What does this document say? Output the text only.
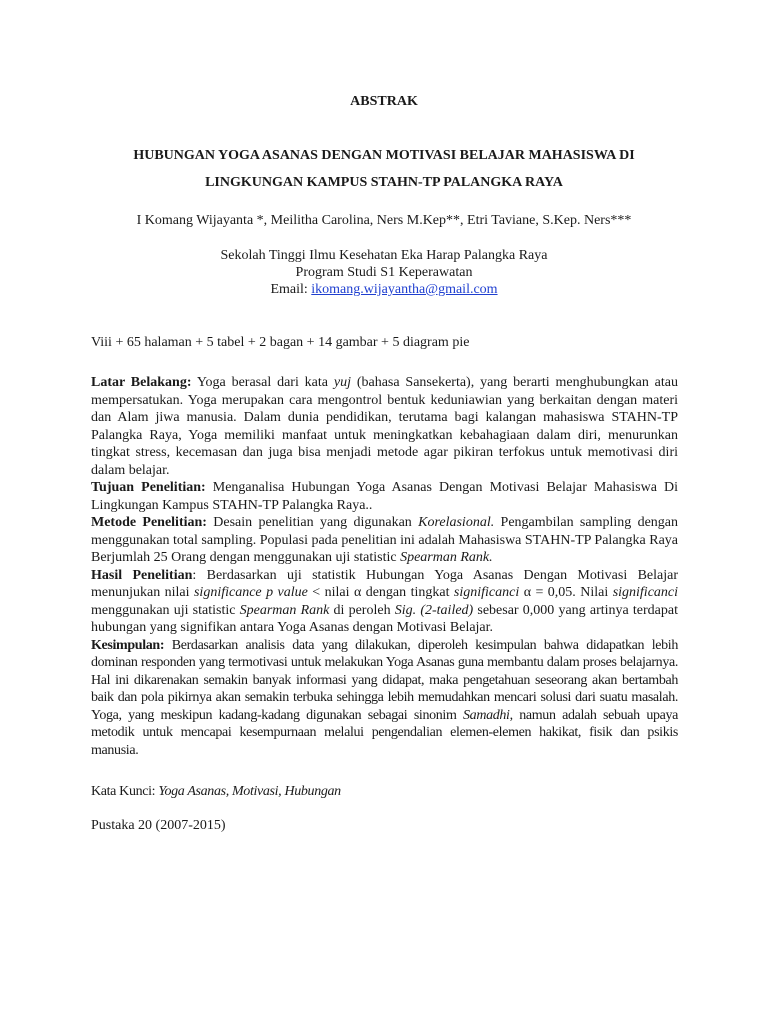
ABSTRAK
HUBUNGAN YOGA ASANAS DENGAN MOTIVASI BELAJAR MAHASISWA DI
LINGKUNGAN KAMPUS STAHN-TP PALANGKA RAYA
I Komang Wijayanta *, Meilitha Carolina, Ners M.Kep**, Etri Taviane, S.Kep. Ners***
Sekolah Tinggi Ilmu Kesehatan Eka Harap Palangka Raya
Program Studi S1 Keperawatan
Email: ikomang.wijayantha@gmail.com
Viii + 65 halaman + 5 tabel + 2 bagan + 14 gambar + 5 diagram pie

Latar Belakang: Yoga berasal dari kata yuj (bahasa Sansekerta), yang berarti menghubungkan atau mempersatukan. Yoga merupakan cara mengontrol bentuk keduniawian yang berkaitan dengan materi dan Alam jiwa manusia. Dalam dunia pendidikan, terutama bagi kalangan mahasiswa STAHN-TP Palangka Raya, Yoga memiliki manfaat untuk meningkatkan kebahagiaan dalam diri, menurunkan tingkat stress, kecemasan dan juga bisa menjadi metode agar pikiran terfokus untuk memotivasi diri dalam belajar.

Tujuan Penelitian: Menganalisa Hubungan Yoga Asanas Dengan Motivasi Belajar Mahasiswa Di Lingkungan Kampus STAHN-TP Palangka Raya..

Metode Penelitian: Desain penelitian yang digunakan Korelasional. Pengambilan sampling dengan menggunakan total sampling. Populasi pada penelitian ini adalah Mahasiswa STAHN-TP Palangka Raya Berjumlah 25 Orang dengan menggunakan uji statistic Spearman Rank.

Hasil Penelitian: Berdasarkan uji statistik Hubungan Yoga Asanas Dengan Motivasi Belajar menunjukan nilai significance p value < nilai α dengan tingkat significanci α = 0,05. Nilai significanci menggunakan uji statistic Spearman Rank di peroleh Sig. (2-tailed) sebesar 0,000 yang artinya terdapat hubungan yang signifikan antara Yoga Asanas dengan Motivasi Belajar.

Kesimpulan: Berdasarkan analisis data yang dilakukan, diperoleh kesimpulan bahwa didapatkan lebih dominan responden yang termotivasi untuk melakukan Yoga Asanas guna membantu dalam proses belajarnya. Hal ini dikarenakan semakin banyak informasi yang didapat, maka pengetahuan seseorang akan bertambah baik dan pola pikirnya akan semakin terbuka sehingga lebih memudahkan mencari solusi dari suatu masalah. Yoga, yang meskipun kadang-kadang digunakan sebagai sinonim Samadhi, namun adalah sebuah upaya metodik untuk mencapai kesempurnaan melalui pengendalian elemen-elemen hakikat, fisik dan psikis manusia.

Kata Kunci: Yoga Asanas, Motivasi, Hubungan
Pustaka 20 (2007-2015)
